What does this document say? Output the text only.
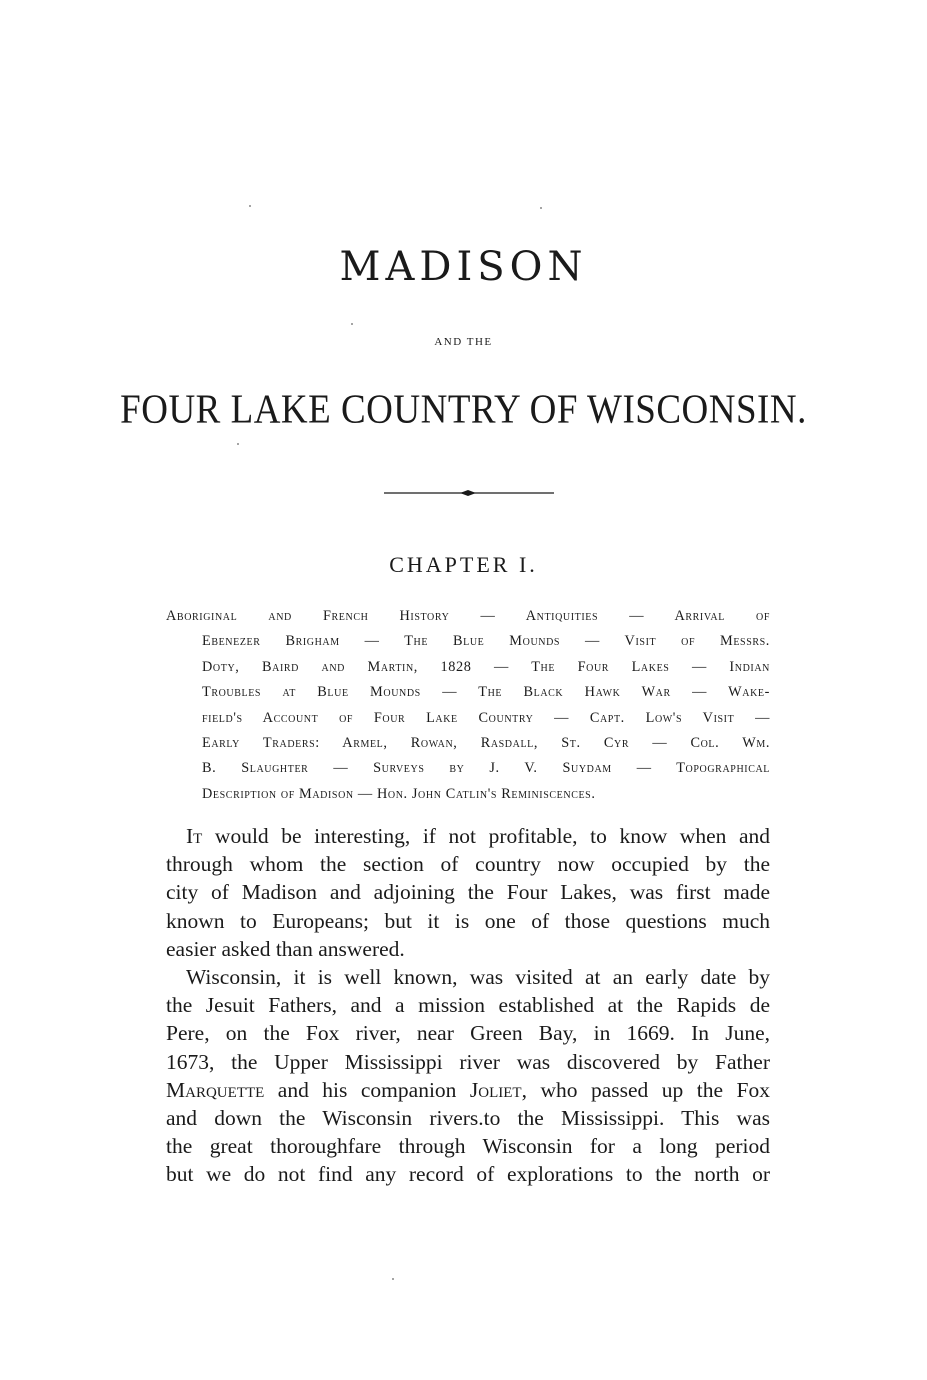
MADISON
AND THE
FOUR LAKE COUNTRY OF WISCONSIN.
CHAPTER I.
Aboriginal and French History — Antiquities — Arrival of
Ebenezer Brigham — The Blue Mounds — Visit of Messrs.
Doty, Baird and Martin, 1828 — The Four Lakes — Indian
Troubles at Blue Mounds — The Black Hawk War — Wake-
field's Account of Four Lake Country — Capt. Low's Visit —
Early Traders: Armel, Rowan, Rasdall, St. Cyr — Col. Wm.
B. Slaughter — Surveys by J. V. Suydam — Topographical
Description of Madison — Hon. John Catlin's Reminiscences.
It would be interesting, if not profitable, to know when and
through whom the section of country now occupied by the
city of Madison and adjoining the Four Lakes, was first made
known to Europeans; but it is one of those questions much
easier asked than answered.
Wisconsin, it is well known, was visited at an early date by
the Jesuit Fathers, and a mission established at the Rapids de
Pere, on the Fox river, near Green Bay, in 1669. In June,
1673, the Upper Mississippi river was discovered by Father
Marquette and his companion Joliet, who passed up the Fox
and down the Wisconsin rivers.to the Mississippi. This was
the great thoroughfare through Wisconsin for a long period
but we do not find any record of explorations to the north or
